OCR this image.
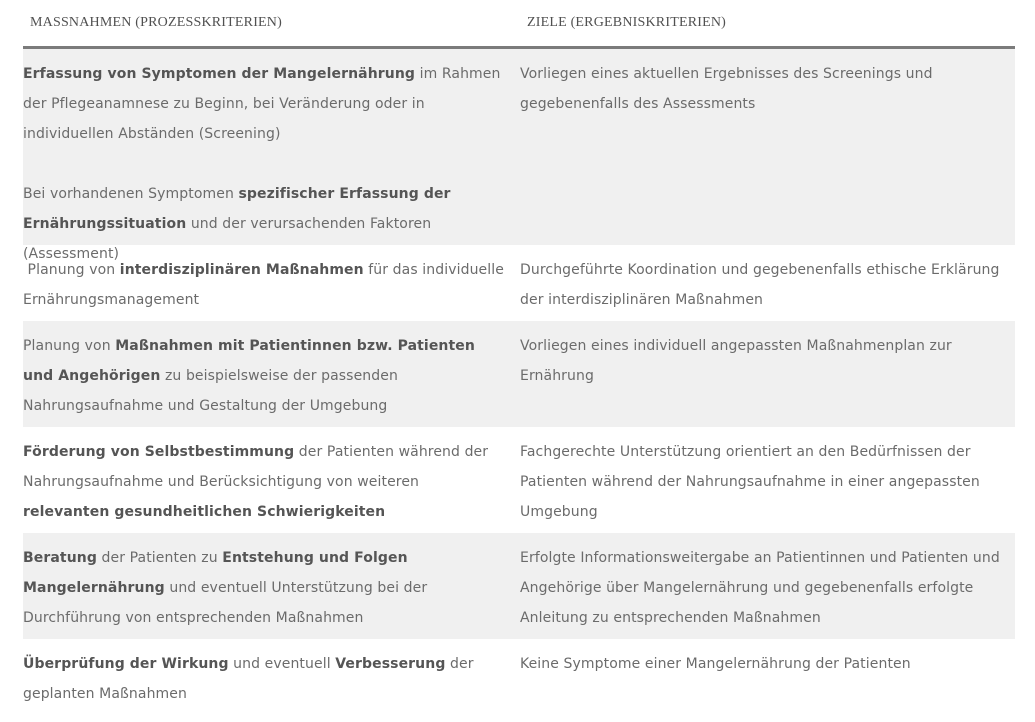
MASSNAHMEN (PROZESSKRITERIEN)	ZIELE (ERGEBNISKRITERIEN)

Erfassung von Symptomen der Mangelernährung im Rahmen der Pflegeanamnese zu Beginn, bei Veränderung oder in individuellen Abständen (Screening)

Bei vorhandenen Symptomen spezifischer Erfassung der Ernährungssituation und der verursachenden Faktoren (Assessment)

Vorliegen eines aktuellen Ergebnisses des Screenings und gegebenenfalls des Assessments

Planung von interdisziplinären Maßnahmen für das individuelle Ernährungsmanagement

Durchgeführte Koordination und gegebenenfalls ethische Erklärung der interdisziplinären Maßnahmen

Planung von Maßnahmen mit Patientinnen bzw. Patienten und Angehörigen zu beispielsweise der passenden Nahrungsaufnahme und Gestaltung der Umgebung

Vorliegen eines individuell angepassten Maßnahmenplan zur Ernährung

Förderung von Selbstbestimmung der Patienten während der Nahrungsaufnahme und Berücksichtigung von weiteren relevanten gesundheitlichen Schwierigkeiten

Fachgerechte Unterstützung orientiert an den Bedürfnissen der Patienten während der Nahrungsaufnahme in einer angepassten Umgebung

Beratung der Patienten zu Entstehung und Folgen Mangelernährung und eventuell Unterstützung bei der Durchführung von entsprechenden Maßnahmen

Erfolgte Informationsweitergabe an Patientinnen und Patienten und Angehörige über Mangelernährung und gegebenenfalls erfolgte Anleitung zu entsprechenden Maßnahmen

Überprüfung der Wirkung und eventuell Verbesserung der geplanten Maßnahmen

Keine Symptome einer Mangelernährung der Patienten
